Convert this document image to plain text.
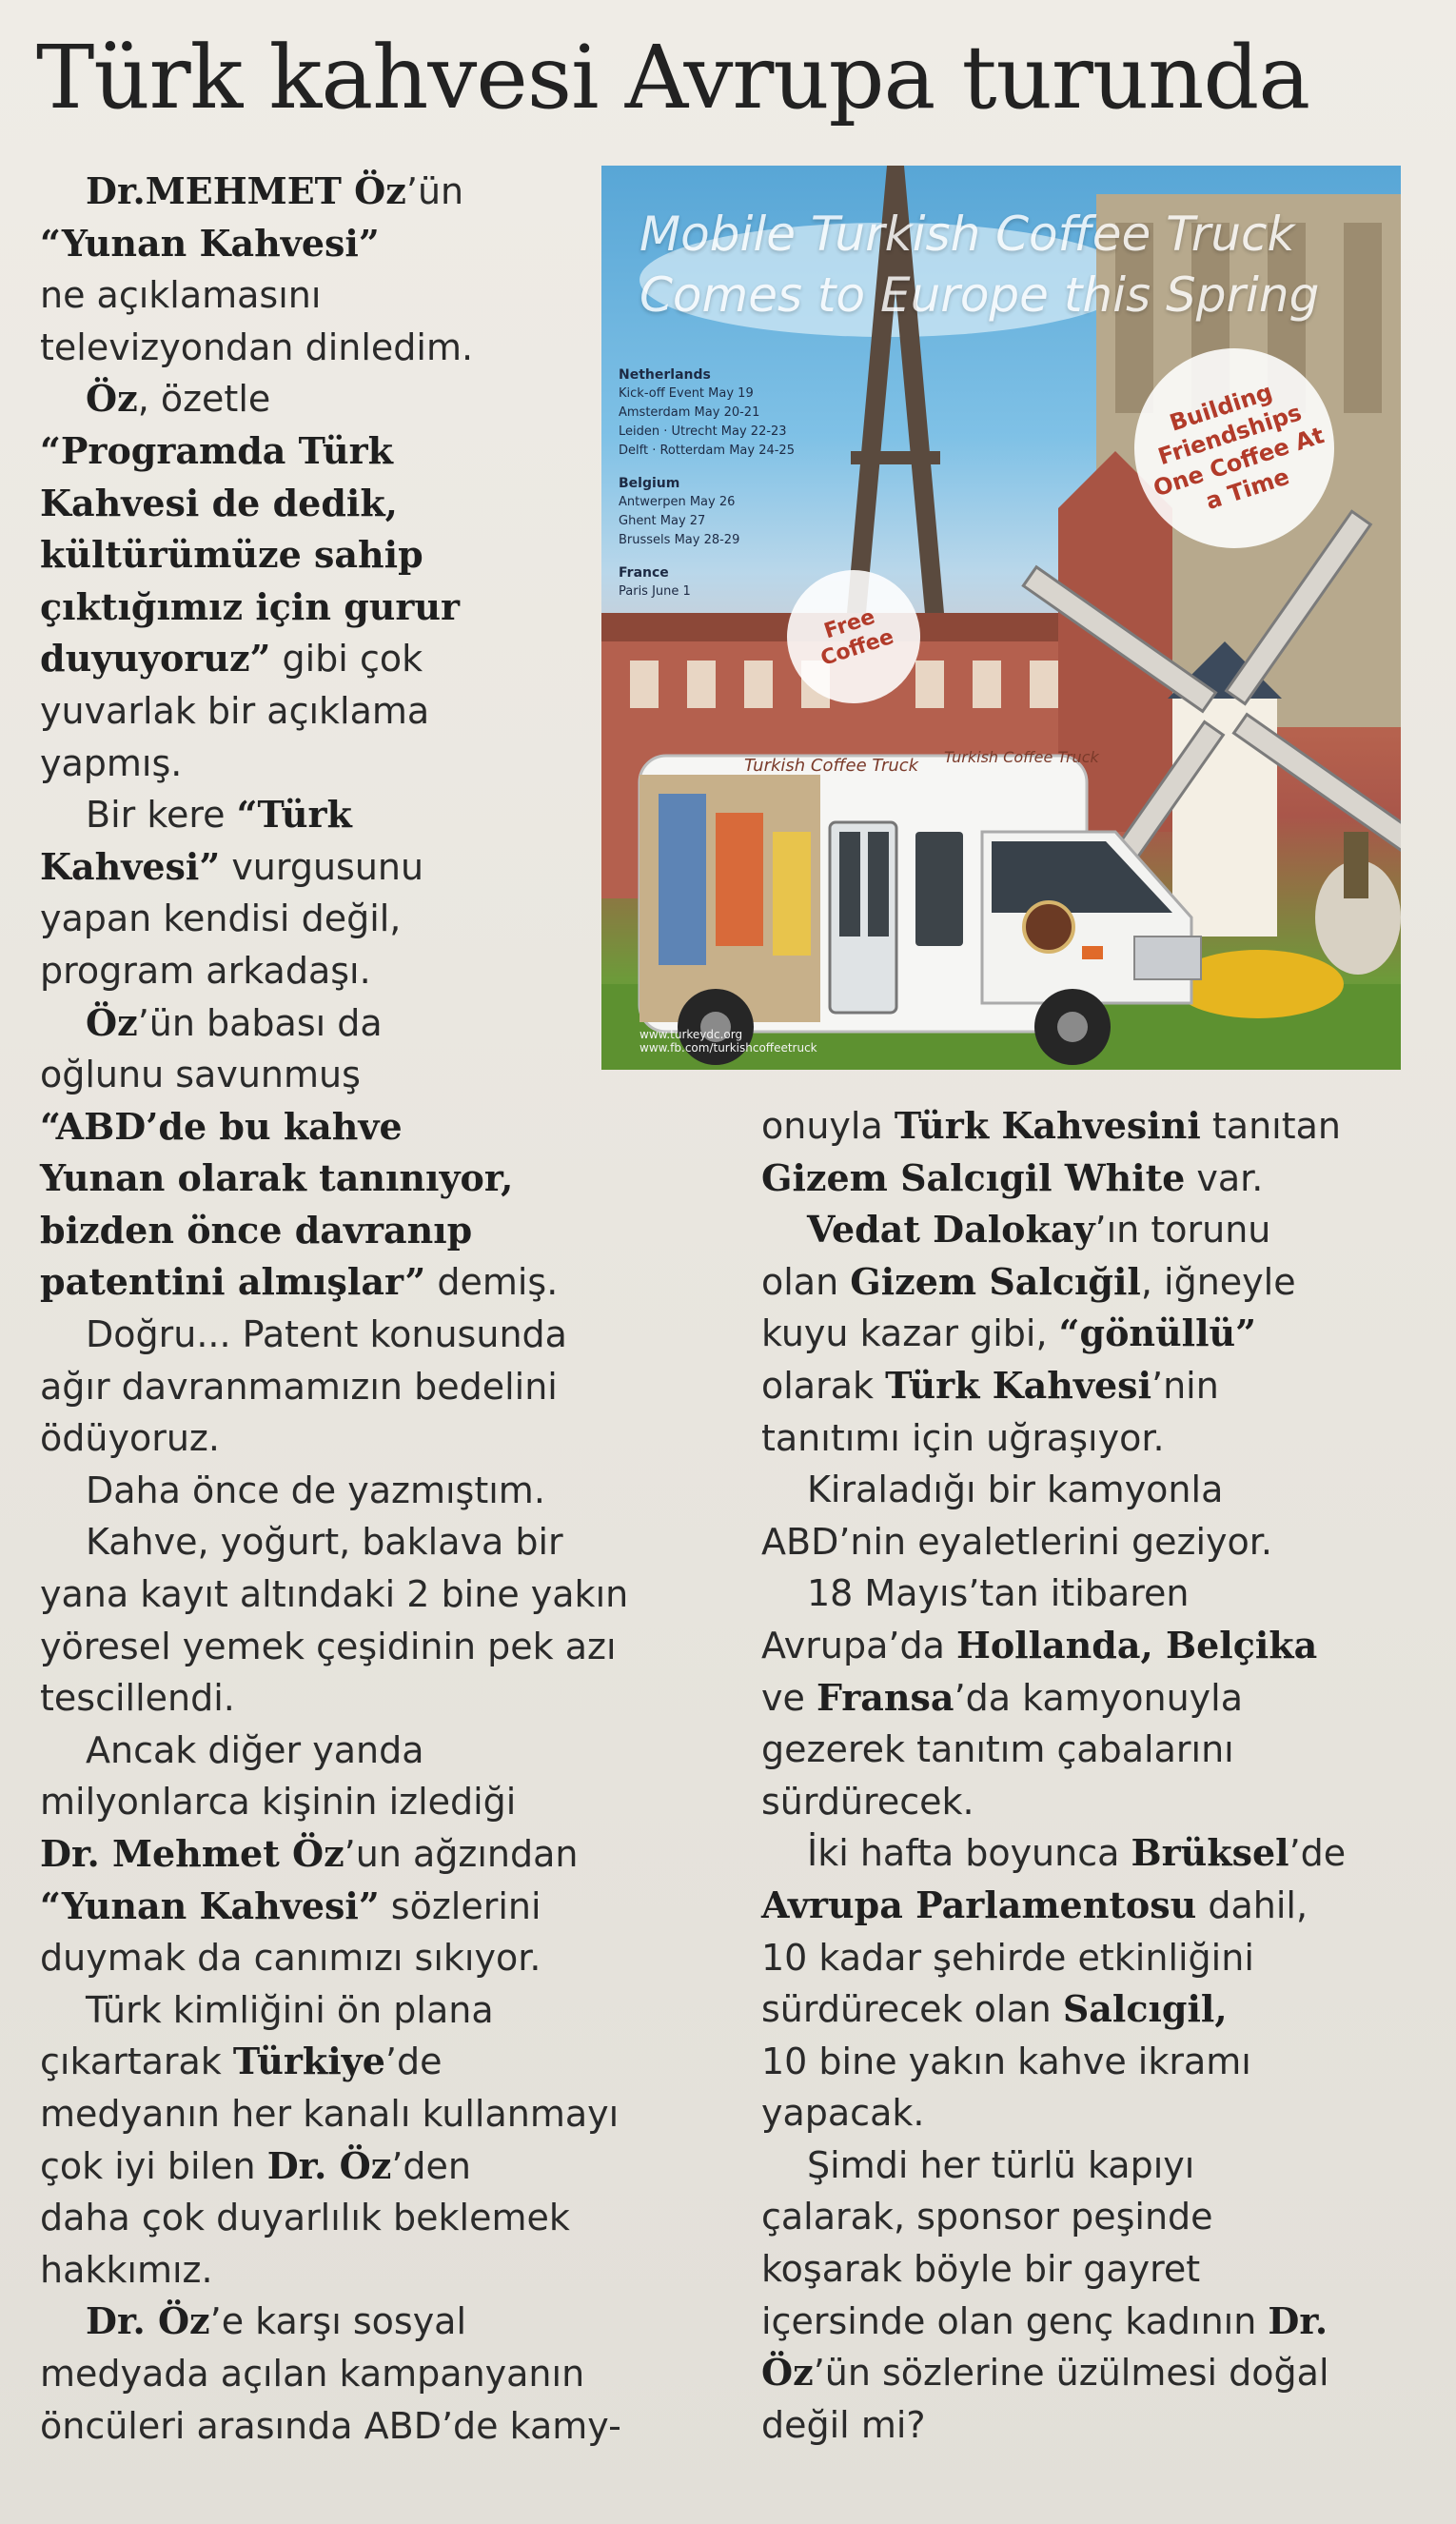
Türk kahvesi Avrupa turunda

Dr.MEHMET Öz’ün

“Yunan Kahvesi”

ne açıklamasını

televizyondan dinledim.

Öz, özetle

“Programda Türk

Kahvesi de dedik,

kültürümüze sahip

çıktığımız için gurur

duyuyoruz” gibi çok

yuvarlak bir açıklama

yapmış.

Bir kere “Türk

Kahvesi” vurgusunu

yapan kendisi değil,

program arkadaşı.

Öz’ün babası da

oğlunu savunmuş

“ABD’de bu kahve

Yunan olarak tanınıyor,

bizden önce davranıp

patentini almışlar” demiş.

Doğru... Patent konusunda

ağır davranmamızın bedelini

ödüyoruz.

Daha önce de yazmıştım.

Kahve, yoğurt, baklava bir

yana kayıt altındaki 2 bine yakın

yöresel yemek çeşidinin pek azı

tescillendi.

Ancak diğer yanda

milyonlarca kişinin izlediği

Dr. Mehmet Öz’un ağzından

“Yunan Kahvesi” sözlerini

duymak da canımızı sıkıyor.

Türk kimliğini ön plana

çıkartarak Türkiye’de

medyanın her kanalı kullanmayı

çok iyi bilen Dr. Öz’den

daha çok duyarlılık beklemek

hakkımız.

Dr. Öz’e karşı sosyal

medyada açılan kampanyanın

öncüleri arasında ABD’de kamy-

Mobile Turkish Coffee Truck
Comes to Europe this Spring
Netherlands
Kick-off Event May 19
Amsterdam May 20-21
Leiden · Utrecht May 22-23
Delft · Rotterdam May 24-25
Belgium
Antwerpen May 26
Ghent May 27
Brussels May 28-29
France
Paris June 1
Building Friendships One Coffee At a Time
Free Coffee
Turkish Coffee Truck Turkish Coffee Truck
www.turkeydc.org
www.fb.com/turkishcoffeetruck

onuyla Türk Kahvesini tanıtan

Gizem Salcıgil White var.

Vedat Dalokay’ın torunu

olan Gizem Salcığil, iğneyle

kuyu kazar gibi, “gönüllü”

olarak Türk Kahvesi’nin

tanıtımı için uğraşıyor.

Kiraladığı bir kamyonla

ABD’nin eyaletlerini geziyor.

18 Mayıs’tan itibaren

Avrupa’da Hollanda, Belçika

ve Fransa’da kamyonuyla

gezerek tanıtım çabalarını

sürdürecek.

İki hafta boyunca Brüksel’de

Avrupa Parlamentosu dahil,

10 kadar şehirde etkinliğini

sürdürecek olan Salcıgil,

10 bine yakın kahve ikramı

yapacak.

Şimdi her türlü kapıyı

çalarak, sponsor peşinde

koşarak böyle bir gayret

içersinde olan genç kadının Dr.

Öz’ün sözlerine üzülmesi doğal

değil mi?
